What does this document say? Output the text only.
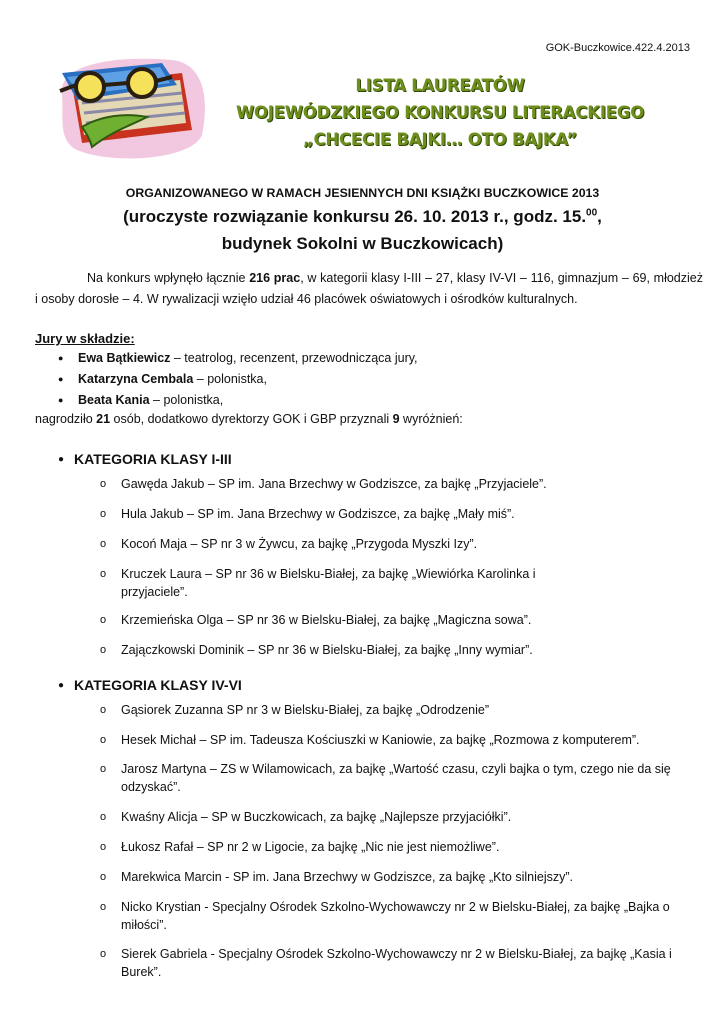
GOK-Buczkowice.422.4.2013
LISTA LAUREATÓW
WOJEWÓDZKIEGO KONKURSU LITERACKIEGO
„CHCECIE BAJKI… OTO BAJKA”
ORGANIZOWANEGO W RAMACH JESIENNYCH DNI KSIĄŻKI BUCZKOWICE 2013
(uroczyste rozwiązanie konkursu 26. 10. 2013 r., godz. 15.00,
budynek Sokolni w Buczkowicach)
Na konkurs wpłynęło łącznie 216 prac, w kategorii klasy I-III – 27, klasy IV-VI – 116, gimnazjum – 69, młodzież i osoby dorosłe – 4. W rywalizacji wzięło udział 46 placówek oświatowych i ośrodków kulturalnych.
Jury w składzie:
● Ewa Bątkiewicz – teatrolog, recenzent, przewodnicząca jury,
● Katarzyna Cembala – polonistka,
● Beata Kania – polonistka,
nagrodziło 21 osób, dodatkowo dyrektorzy GOK i GBP przyznali 9 wyróżnień:
● KATEGORIA KLASY I-III
o	Gawęda Jakub – SP im. Jana Brzechwy w Godziszce, za bajkę „Przyjaciele”.
o	Hula Jakub – SP im. Jana Brzechwy w Godziszce, za bajkę „Mały miś”.
o	Kocoń Maja – SP nr 3 w Żywcu, za bajkę „Przygoda Myszki Izy”.
o	Kruczek Laura – SP nr 36 w Bielsku-Białej, za bajkę „Wiewiórka Karolinka i przyjaciele”.
o	Krzemieńska Olga – SP nr 36 w Bielsku-Białej, za bajkę „Magiczna sowa”.
o	Zajączkowski Dominik – SP nr 36 w Bielsku-Białej, za bajkę „Inny wymiar”.
● KATEGORIA KLASY IV-VI
o	Gąsiorek Zuzanna SP nr 3 w Bielsku-Białej, za bajkę „Odrodzenie”
o	Hesek Michał – SP im. Tadeusza Kościuszki w Kaniowie, za bajkę „Rozmowa z komputerem”.
o	Jarosz Martyna – ZS w Wilamowicach, za bajkę „Wartość czasu, czyli bajka o tym, czego nie da się odzyskać”.
o	Kwaśny Alicja – SP w Buczkowicach, za bajkę „Najlepsze przyjaciółki”.
o	Łukosz Rafał – SP nr 2 w Ligocie, za bajkę „Nic nie jest niemożliwe”.
o	Marekwica Marcin - SP im. Jana Brzechwy w Godziszce, za bajkę „Kto silniejszy”.
o	Nicko Krystian - Specjalny Ośrodek Szkolno-Wychowawczy nr 2 w Bielsku-Białej, za bajkę „Bajka o miłości”.
o	Sierek Gabriela - Specjalny Ośrodek Szkolno-Wychowawczy nr 2 w Bielsku-Białej, za bajkę „Kasia i Burek”.
